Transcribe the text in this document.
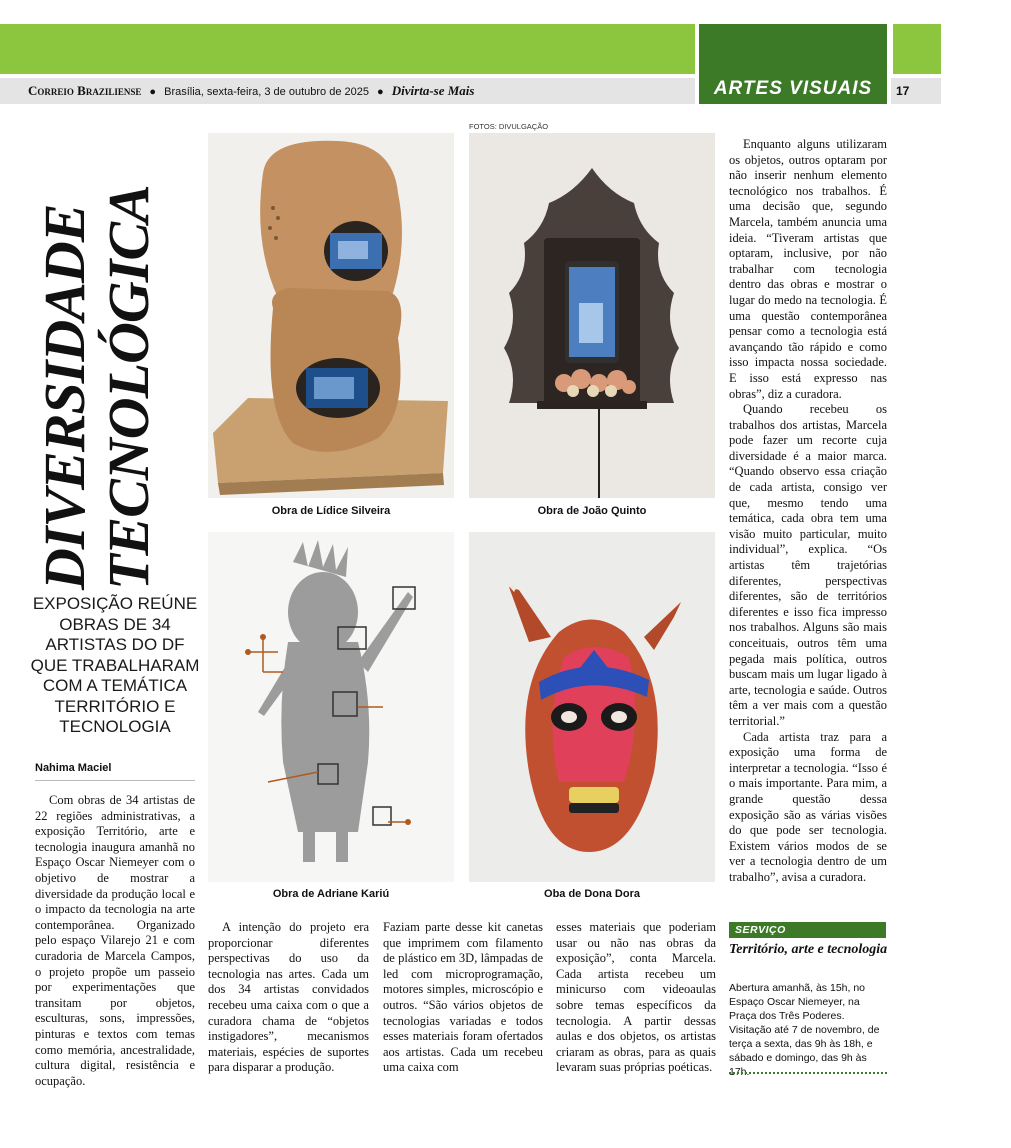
ARTES VISUAIS
Correio Braziliense ● Brasília, sexta-feira, 3 de outubro de 2025 ● Divirta-se Mais	17
DIVERSIDADE TECNOLÓGICA
EXPOSIÇÃO REÚNE OBRAS DE 34 ARTISTAS DO DF QUE TRABALHARAM COM A TEMÁTICA TERRITÓRIO E TECNOLOGIA
Nahima Maciel

Com obras de 34 artistas de 22 regiões administrativas, a exposição Território, arte e tecnologia inaugura amanhã no Espaço Oscar Niemeyer com o objetivo de mostrar a diversidade da produção local e o impacto da tecnologia na arte contemporânea. Organizado pelo espaço Vilarejo 21 e com curadoria de Marcela Campos, o projeto propõe um passeio por experimentações que transitam por objetos, esculturas, sons, impressões, pinturas e textos com temas como memória, ancestralidade, cultura digital, resistência e ocupação.

FOTOS: DIVULGAÇÃO
Obra de Lídice Silveira	Obra de João Quinto
Obra de Adriane Kariú	Oba de Dona Dora

A intenção do projeto era proporcionar diferentes perspectivas do uso da tecnologia nas artes. Cada um dos 34 artistas convidados recebeu uma caixa com o que a curadora chama de “objetos instigadores”, mecanismos materiais, espécies de suportes para disparar a produção.

Faziam parte desse kit canetas que imprimem com filamento de plástico em 3D, lâmpadas de led com microprogramação, motores simples, microscópio e outros. “São vários objetos de tecnologias variadas e todos esses materiais foram ofertados aos artistas. Cada um recebeu uma caixa com

esses materiais que poderiam usar ou não nas obras da exposição”, conta Marcela. Cada artista recebeu um minicurso com videoaulas sobre temas específicos da tecnologia. A partir dessas aulas e dos objetos, os artistas criaram as obras, para as quais levaram suas próprias poéticas.

Enquanto alguns utilizaram os objetos, outros optaram por não inserir nenhum elemento tecnológico nos trabalhos. É uma decisão que, segundo Marcela, também anuncia uma ideia. “Tiveram artistas que optaram, inclusive, por não trabalhar com tecnologia dentro das obras e mostrar o lugar do medo na tecnologia. É uma questão contemporânea pensar como a tecnologia está avançando tão rápido e como isso impacta nossa sociedade. E isso está expresso nas obras”, diz a curadora.

Quando recebeu os trabalhos dos artistas, Marcela pode fazer um recorte cuja diversidade é a maior marca. “Quando observo essa criação de cada artista, consigo ver que, mesmo tendo uma temática, cada obra tem uma visão muito particular, muito individual”, explica. “Os artistas têm trajetórias diferentes, perspectivas diferentes, são de territórios diferentes e isso fica impresso nos trabalhos. Alguns são mais conceituais, outros têm uma pegada mais política, outros buscam mais um lugar ligado à arte, tecnologia e saúde. Outros têm a ver mais com a questão territorial.”

Cada artista traz para a exposição uma forma de interpretar a tecnologia. “Isso é o mais importante. Para mim, a grande questão dessa exposição são as várias visões do que pode ser tecnologia. Existem vários modos de se ver a tecnologia dentro de um trabalho”, avisa a curadora.

SERVIÇO
Território, arte e tecnologia
Abertura amanhã, às 15h, no Espaço Oscar Niemeyer, na Praça dos Três Poderes. Visitação até 7 de novembro, de terça a sexta, das 9h às 18h, e sábado e domingo, das 9h às 17h.
